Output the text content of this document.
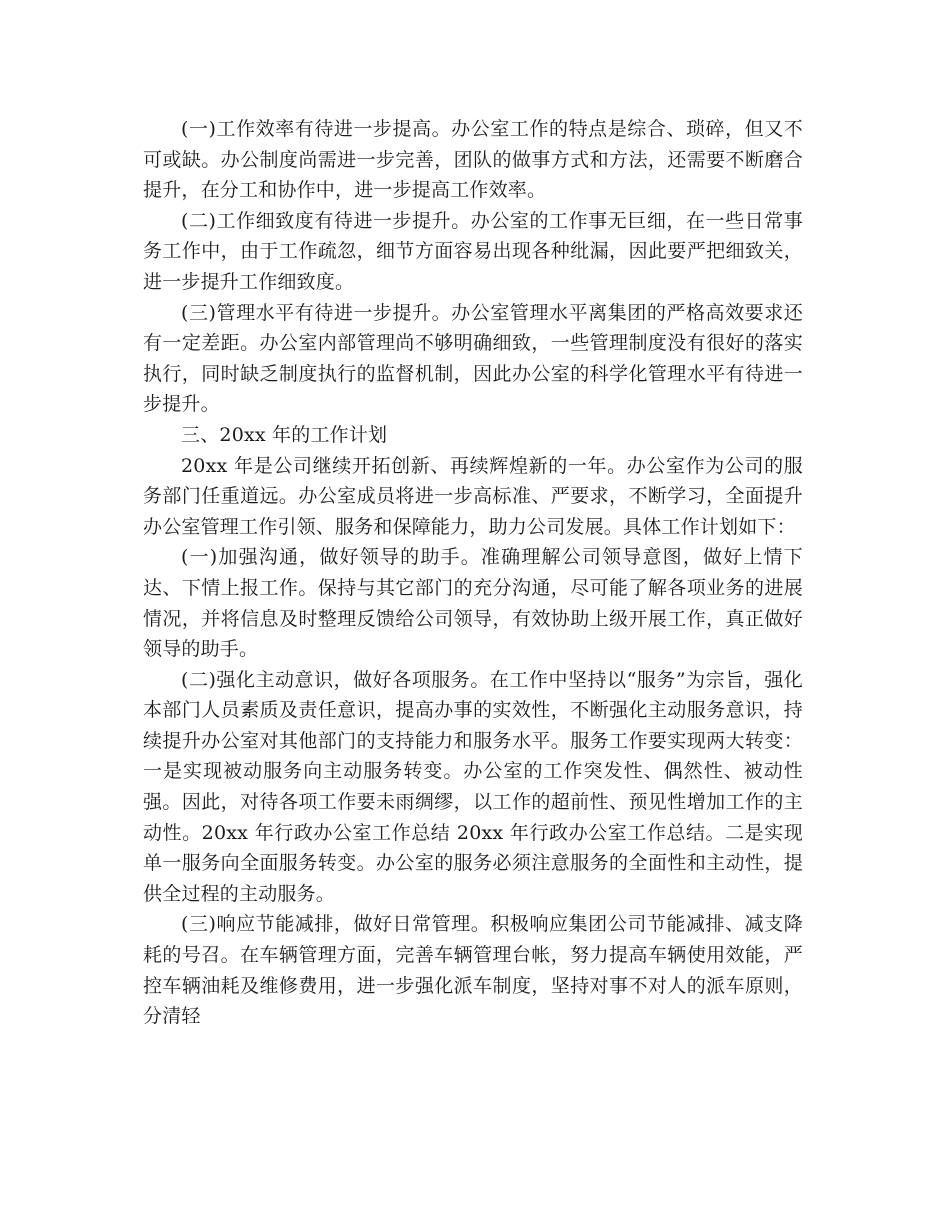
(一)工作效率有待进一步提高。办公室工作的特点是综合、琐碎，但又不可或缺。办公制度尚需进一步完善，团队的做事方式和方法，还需要不断磨合提升，在分工和协作中，进一步提高工作效率。

(二)工作细致度有待进一步提升。办公室的工作事无巨细，在一些日常事务工作中，由于工作疏忽，细节方面容易出现各种纰漏，因此要严把细致关，进一步提升工作细致度。

(三)管理水平有待进一步提升。办公室管理水平离集团的严格高效要求还有一定差距。办公室内部管理尚不够明确细致，一些管理制度没有很好的落实执行，同时缺乏制度执行的监督机制，因此办公室的科学化管理水平有待进一步提升。

三、20xx 年的工作计划

20xx 年是公司继续开拓创新、再续辉煌新的一年。办公室作为公司的服务部门任重道远。办公室成员将进一步高标准、严要求，不断学习，全面提升办公室管理工作引领、服务和保障能力，助力公司发展。具体工作计划如下：

(一)加强沟通，做好领导的助手。准确理解公司领导意图，做好上情下达、下情上报工作。保持与其它部门的充分沟通，尽可能了解各项业务的进展情况，并将信息及时整理反馈给公司领导，有效协助上级开展工作，真正做好领导的助手。

(二)强化主动意识，做好各项服务。在工作中坚持以“服务”为宗旨，强化本部门人员素质及责任意识，提高办事的实效性，不断强化主动服务意识，持续提升办公室对其他部门的支持能力和服务水平。服务工作要实现两大转变：一是实现被动服务向主动服务转变。办公室的工作突发性、偶然性、被动性强。因此，对待各项工作要未雨绸缪，以工作的超前性、预见性增加工作的主动性。20xx 年行政办公室工作总结 20xx 年行政办公室工作总结。二是实现单一服务向全面服务转变。办公室的服务必须注意服务的全面性和主动性，提供全过程的主动服务。

(三)响应节能减排，做好日常管理。积极响应集团公司节能减排、减支降耗的号召。在车辆管理方面，完善车辆管理台帐，努力提高车辆使用效能，严控车辆油耗及维修费用，进一步强化派车制度，坚持对事不对人的派车原则，分清轻
